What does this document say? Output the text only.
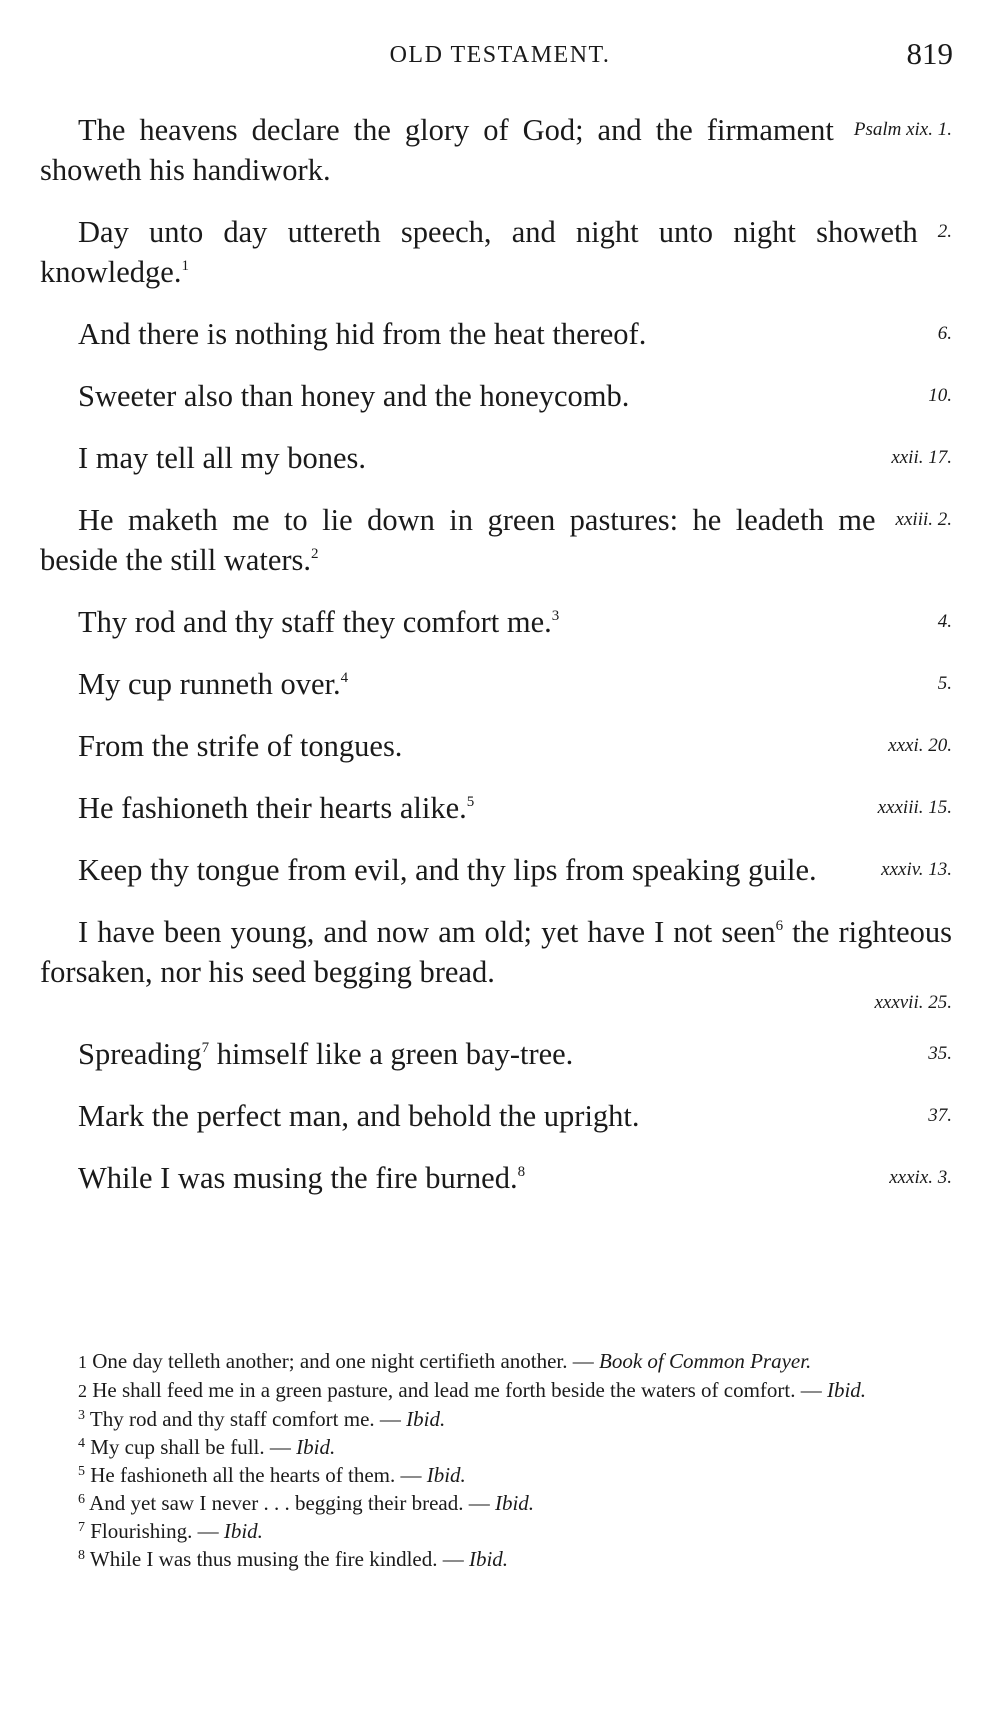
OLD TESTAMENT.	819

Psalm xix. 1.
The heavens declare the glory of God; and the firmament showeth his handiwork.

2.
Day unto day uttereth speech, and night unto night showeth knowledge.$^1$

6.
And there is nothing hid from the heat thereof.

10.
Sweeter also than honey and the honeycomb.

xxii. 17.
I may tell all my bones.

xxiii. 2.
He maketh me to lie down in green pastures: he leadeth me beside the still waters.$^2$

4.
Thy rod and thy staff they comfort me.$^3$

5.
My cup runneth over.$^4$

xxxi. 20.
From the strife of tongues.

xxxiii. 15.
He fashioneth their hearts alike.$^5$

xxxiv. 13.
Keep thy tongue from evil, and thy lips from speaking guile.

I have been young, and now am old; yet have I not seen$^6$ the righteous forsaken, nor his seed begging bread.
xxxvii. 25.

35.
Spreading$^7$ himself like a green bay-tree.

37.
Mark the perfect man, and behold the upright.

xxxix. 3.
While I was musing the fire burned.$^8$

1 One day telleth another; and one night certifieth another. — Book of Common Prayer.

2 He shall feed me in a green pasture, and lead me forth beside the waters of comfort. — Ibid.

$^3$ Thy rod and thy staff comfort me. — Ibid.

$^4$ My cup shall be full. — Ibid.

$^5$ He fashioneth all the hearts of them. — Ibid.

$^6$ And yet saw I never . . . begging their bread. — Ibid.

$^7$ Flourishing. — Ibid.

$^8$ While I was thus musing the fire kindled. — Ibid.
